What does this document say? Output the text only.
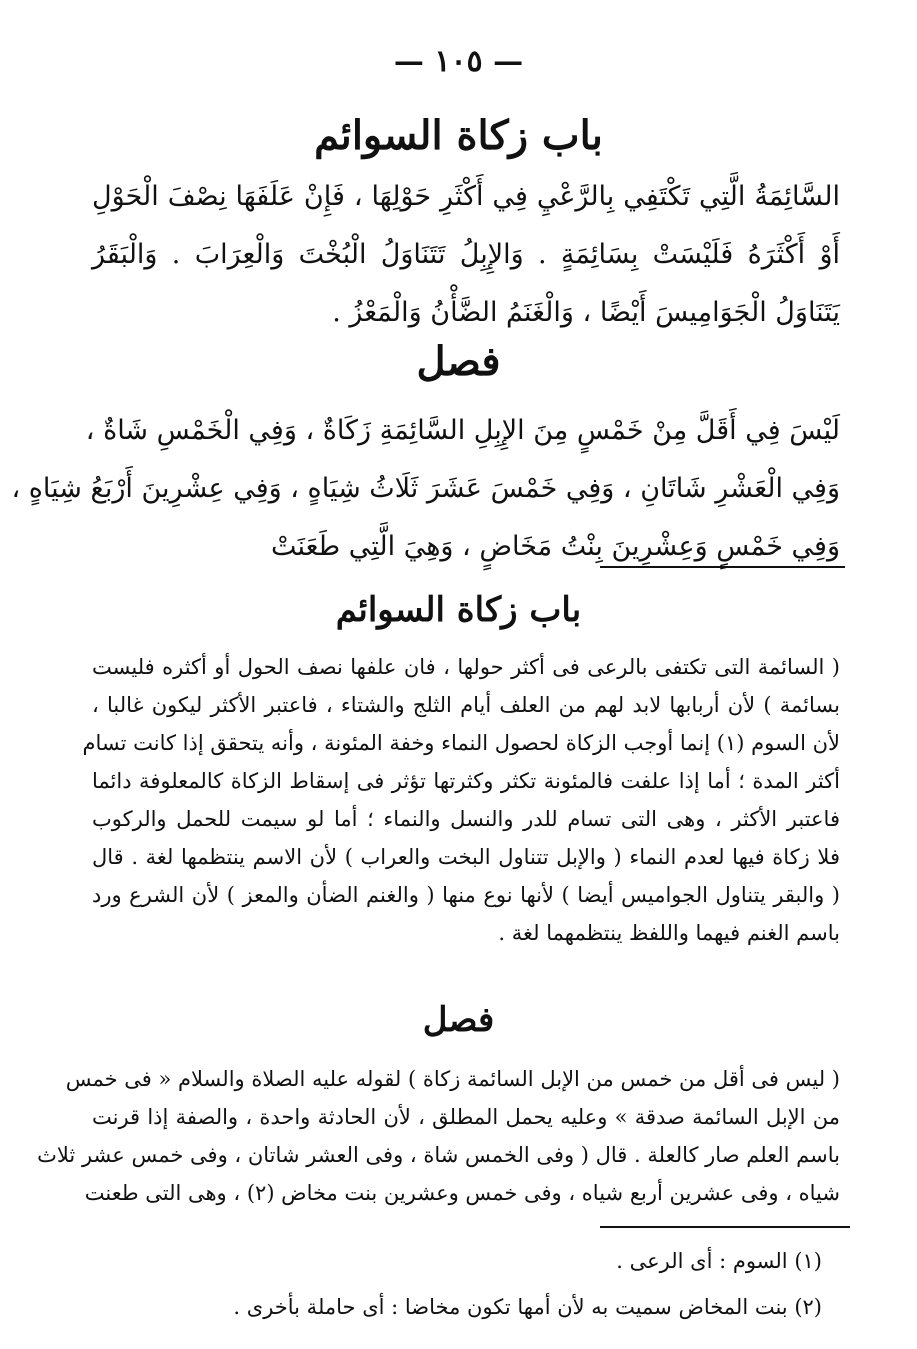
— ١٠٥ —
باب زكاة السوائم
السَّائِمَةُ الَّتِي تَكْتَفِي بِالرَّعْيِ فِي أَكْثَرِ حَوْلِهَا ، فَإِنْ عَلَفَهَا نِصْفَ الْحَوْلِ
أَوْ أَكْثَرَهُ فَلَيْسَتْ بِسَائِمَةٍ . وَالإِبِلُ تَتَنَاوَلُ الْبُخْتَ وَالْعِرَابَ . وَالْبَقَرُ
يَتَنَاوَلُ الْجَوَامِيسَ أَيْضًا ، وَالْغَنَمُ الضَّأْنُ وَالْمَعْزُ .
فصل
لَيْسَ فِي أَقَلَّ مِنْ خَمْسٍ مِنَ الإِبِلِ السَّائِمَةِ زَكَاةٌ ، وَفِي الْخَمْسِ شَاةٌ ،
وَفِي الْعَشْرِ شَاتَانِ ، وَفِي خَمْسَ عَشَرَ ثَلَاثُ شِيَاهٍ ، وَفِي عِشْرِينَ أَرْبَعُ شِيَاهٍ ،
وَفِي خَمْسٍ وَعِشْرِينَ بِنْتُ مَخَاضٍ ، وَهِيَ الَّتِي طَعَنَتْ
باب زكاة السوائم
( السائمة التى تكتفى بالرعى فى أكثر حولها ، فان علفها نصف الحول أو أكثره فليست
بسائمة ) لأن أربابها لابد لهم من العلف أيام الثلج والشتاء ، فاعتبر الأكثر ليكون غالبا ،
لأن السوم (١) إنما أوجب الزكاة لحصول النماء وخفة المئونة ، وأنه يتحقق إذا كانت تسام
أكثر المدة ؛ أما إذا علفت فالمئونة تكثر وكثرتها تؤثر فى إسقاط الزكاة كالمعلوفة دائما
فاعتبر الأكثر ، وهى التى تسام للدر والنسل والنماء ؛ أما لو سيمت للحمل والركوب
فلا زكاة فيها لعدم النماء ( والإبل تتناول البخت والعراب ) لأن الاسم ينتظمها لغة . قال
( والبقر يتناول الجواميس أيضا ) لأنها نوع منها ( والغنم الضأن والمعز ) لأن الشرع ورد
باسم الغنم فيهما واللفظ ينتظمهما لغة .
فصل
( ليس فى أقل من خمس من الإبل السائمة زكاة ) لقوله عليه الصلاة والسلام « فى خمس
من الإبل السائمة صدقة » وعليه يحمل المطلق ، لأن الحادثة واحدة ، والصفة إذا قرنت
باسم العلم صار كالعلة . قال ( وفى الخمس شاة ، وفى العشر شاتان ، وفى خمس عشر ثلاث
شياه ، وفى عشرين أربع شياه ، وفى خمس وعشرين بنت مخاض (٢) ، وهى التى طعنت
(١) السوم : أى الرعى .
(٢) بنت المخاض سميت به لأن أمها تكون مخاضا : أى حاملة بأخرى .
